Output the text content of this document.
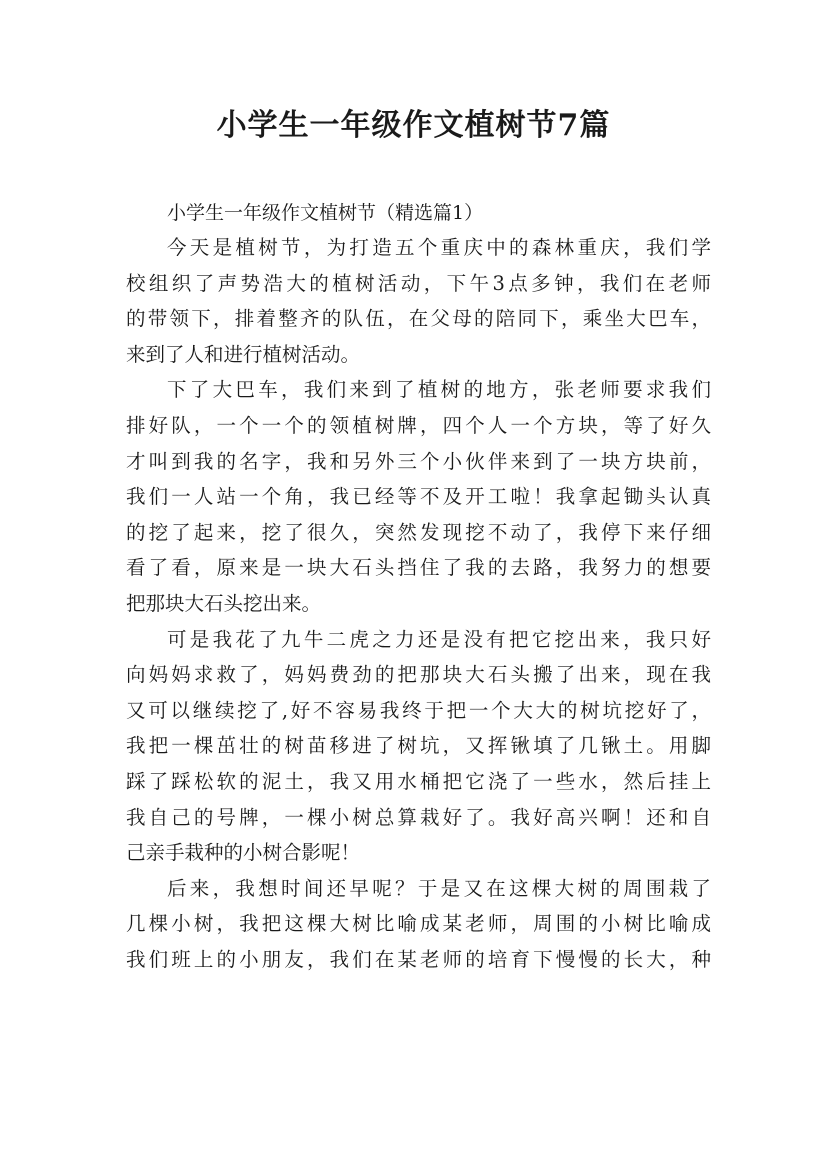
小学生一年级作文植树节7篇

小学生一年级作文植树节（精选篇1）

今天是植树节，为打造五个重庆中的森林重庆，我们学
校组织了声势浩大的植树活动，下午3点多钟，我们在老师
的带领下，排着整齐的队伍，在父母的陪同下，乘坐大巴车，
来到了人和进行植树活动。

下了大巴车，我们来到了植树的地方，张老师要求我们
排好队，一个一个的领植树牌，四个人一个方块，等了好久
才叫到我的名字，我和另外三个小伙伴来到了一块方块前，
我们一人站一个角，我已经等不及开工啦！我拿起锄头认真
的挖了起来，挖了很久，突然发现挖不动了，我停下来仔细
看了看，原来是一块大石头挡住了我的去路，我努力的想要
把那块大石头挖出来。

可是我花了九牛二虎之力还是没有把它挖出来，我只好
向妈妈求救了，妈妈费劲的把那块大石头搬了出来，现在我
又可以继续挖了,好不容易我终于把一个大大的树坑挖好了，
我把一棵茁壮的树苗移进了树坑，又挥锹填了几锹土。用脚
踩了踩松软的泥土，我又用水桶把它浇了一些水，然后挂上
我自己的号牌，一棵小树总算栽好了。我好高兴啊！还和自
己亲手栽种的小树合影呢！

后来，我想时间还早呢？于是又在这棵大树的周围栽了
几棵小树，我把这棵大树比喻成某老师，周围的小树比喻成
我们班上的小朋友，我们在某老师的培育下慢慢的长大，种
